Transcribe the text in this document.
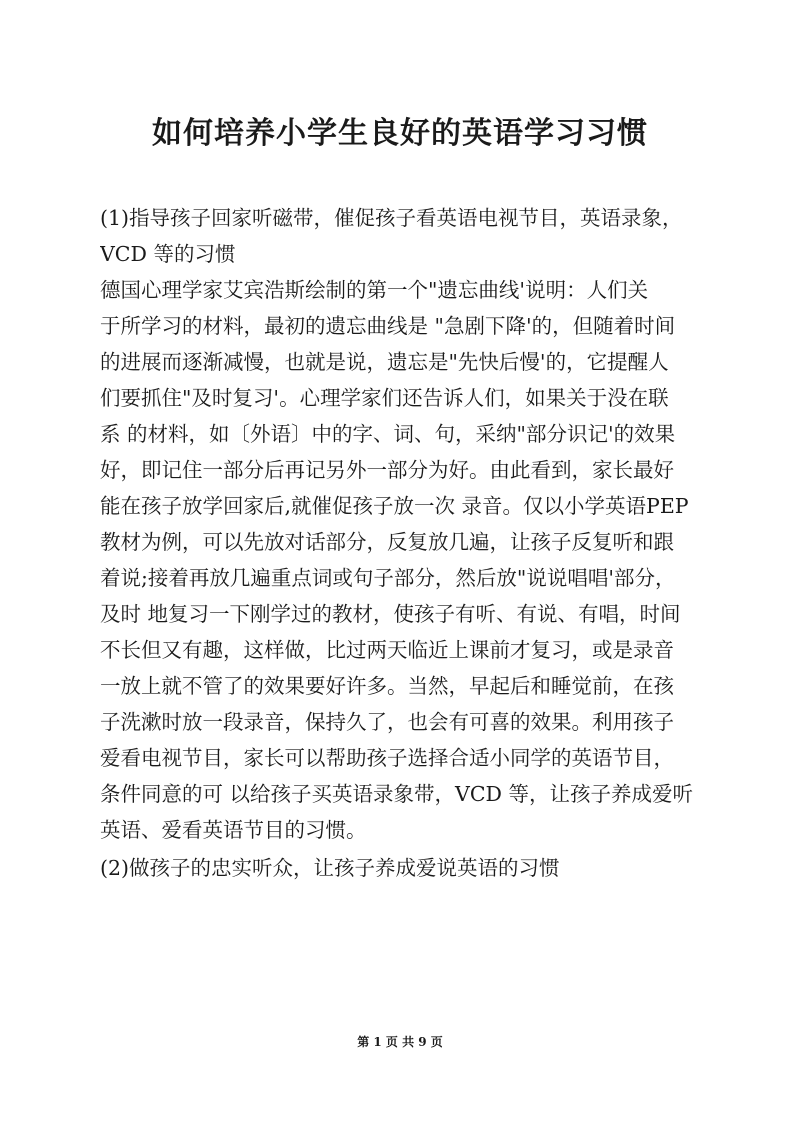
如何培养小学生良好的英语学习习惯
(1)指导孩子回家听磁带，催促孩子看英语电视节目，英语录象，
VCD 等的习惯
德国心理学家艾宾浩斯绘制的第一个"遗忘曲线'说明：人们关
于所学习的材料，最初的遗忘曲线是 "急剧下降'的，但随着时间
的进展而逐渐减慢，也就是说，遗忘是"先快后慢'的，它提醒人
们要抓住"及时复习'。心理学家们还告诉人们，如果关于没在联
系 的材料，如〔外语〕中的字、词、句，采纳"部分识记'的效果
好，即记住一部分后再记另外一部分为好。由此看到，家长最好
能在孩子放学回家后,就催促孩子放一次 录音。仅以小学英语PEP
教材为例，可以先放对话部分，反复放几遍，让孩子反复听和跟
着说;接着再放几遍重点词或句子部分，然后放"说说唱唱'部分，
及时 地复习一下刚学过的教材，使孩子有听、有说、有唱，时间
不长但又有趣，这样做，比过两天临近上课前才复习，或是录音
一放上就不管了的效果要好许多。当然，早起后和睡觉前，在孩
子洗漱时放一段录音，保持久了，也会有可喜的效果。利用孩子
爱看电视节目，家长可以帮助孩子选择合适小同学的英语节目，
条件同意的可 以给孩子买英语录象带，VCD 等，让孩子养成爱听
英语、爱看英语节目的习惯。
(2)做孩子的忠实听众，让孩子养成爱说英语的习惯
第 1 页 共 9 页
